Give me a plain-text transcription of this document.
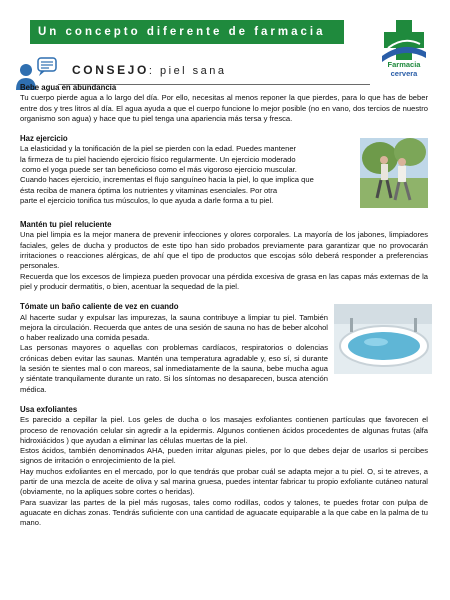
Un concepto diferente de farmacia
Farmacia
cervera
CONSEJO: piel sana
Bebe agua en abundancia

Tu cuerpo pierde agua a lo largo del día. Por ello, necesitas al menos reponer la que pierdes, para lo que has de beber entre dos y tres litros al día. El agua ayuda a que el cuerpo funcione lo mejor posible (no en vano, dos tercios de nuestro organismo son agua) y hace que tu piel tenga una apariencia más tersa y fresca.

Haz ejercicio

La elasticidad y la tonificación de la piel se pierden con la edad. Puedes mantener

la firmeza de tu piel haciendo ejercicio físico regularmente. Un ejercicio moderado

como el yoga puede ser tan beneficioso como el más vigoroso ejercicio muscular.

Cuando haces ejercicio, incrementas el flujo sanguíneo hacia la piel, lo que implica que

ésta reciba de manera óptima los nutrientes y vitaminas esenciales. Por otra

parte el ejercicio tonifica tus músculos, lo que ayuda a darle forma a tu piel.

Mantén tu piel reluciente

Una piel limpia es la mejor manera de prevenir infecciones y olores corporales. La mayoría de los jabones, limpiadores faciales, geles de ducha y productos de este tipo han sido probados previamente para garantizar que no provocarán irritaciones o reacciones alérgicas, de ahí que el tipo de productos que escojas sólo deberá responder a preferencias personales.

Recuerda que los excesos de limpieza pueden provocar una pérdida excesiva de grasa en las capas más externas de la piel y producir dermatitis, o bien, acentuar la sequedad de la piel.

Tómate un baño caliente de vez en cuando

Al hacerte sudar y expulsar las impurezas, la sauna contribuye a limpiar tu piel. También mejora la circulación. Recuerda que antes de una sesión de sauna no has de beber alcohol o haber realizado una comida pesada.

Las personas mayores o aquellas con problemas cardíacos, respiratorios o dolencias crónicas deben evitar las saunas. Mantén una temperatura agradable y, eso sí, si durante la sesión te sientes mal o con mareos, sal inmediatamente de la sauna, bebe mucha agua y siéntate tranquilamente durante un rato. Si los síntomas no desaparecen, busca atención médica.

Usa exfoliantes

Es parecido a cepillar la piel. Los geles de ducha o los masajes exfoliantes contienen partículas que favorecen el proceso de renovación celular sin agredir a la epidermis. Algunos contienen ácidos procedentes de algunas frutas (alfa hidroxiácidos ) que ayudan a eliminar las células muertas de la piel.

Estos ácidos, también denominados AHA, pueden irritar algunas pieles, por lo que debes dejar de usarlos si percibes signos de irritación o enrojecimiento de la piel.

Hay muchos exfoliantes en el mercado, por lo que tendrás que probar cuál se adapta mejor a tu piel. O, si te atreves, a partir de una mezcla de aceite de oliva y sal marina gruesa, puedes intentar fabricar tu propio exfoliante cutáneo natural (obviamente, no la apliques sobre cortes o heridas).

Para suavizar las partes de la piel más rugosas, tales como rodillas, codos y talones, te puedes frotar con pulpa de aguacate en dichas zonas. Tendrás suficiente con una cantidad de aguacate equiparable a la que cabe en la palma de tu mano.
